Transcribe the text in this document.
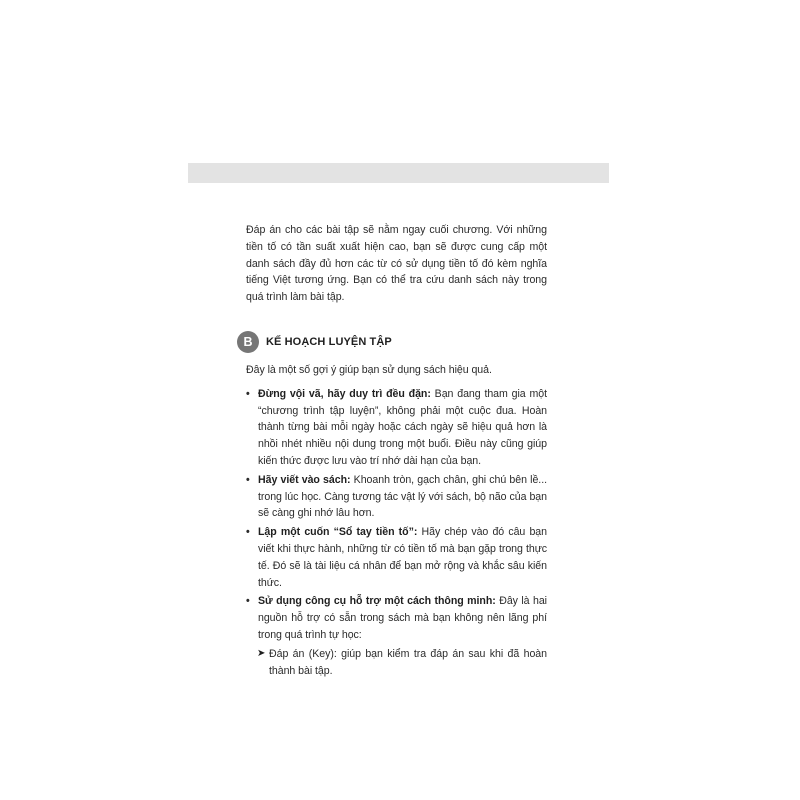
Đáp án cho các bài tập sẽ nằm ngay cuối chương. Với những tiền tố có tần suất xuất hiện cao, bạn sẽ được cung cấp một danh sách đầy đủ hơn các từ có sử dụng tiền tố đó kèm nghĩa tiếng Việt tương ứng. Bạn có thể tra cứu danh sách này trong quá trình làm bài tập.

B	KẾ HOẠCH LUYỆN TẬP

Đây là một số gợi ý giúp bạn sử dụng sách hiệu quả.

• Đừng vội vã, hãy duy trì đều đặn: Bạn đang tham gia một “chương trình tập luyện”, không phải một cuộc đua. Hoàn thành từng bài mỗi ngày hoặc cách ngày sẽ hiệu quả hơn là nhồi nhét nhiều nội dung trong một buổi. Điều này cũng giúp kiến thức được lưu vào trí nhớ dài hạn của bạn.
• Hãy viết vào sách: Khoanh tròn, gạch chân, ghi chú bên lề... trong lúc học. Càng tương tác vật lý với sách, bộ não của bạn sẽ càng ghi nhớ lâu hơn.
• Lập một cuốn “Sổ tay tiền tố”: Hãy chép vào đó câu bạn viết khi thực hành, những từ có tiền tố mà bạn gặp trong thực tế. Đó sẽ là tài liệu cá nhân để bạn mở rộng và khắc sâu kiến thức.
• Sử dụng công cụ hỗ trợ một cách thông minh: Đây là hai nguồn hỗ trợ có sẵn trong sách mà bạn không nên lãng phí trong quá trình tự học:
➤ Đáp án (Key): giúp bạn kiểm tra đáp án sau khi đã hoàn thành bài tập.
